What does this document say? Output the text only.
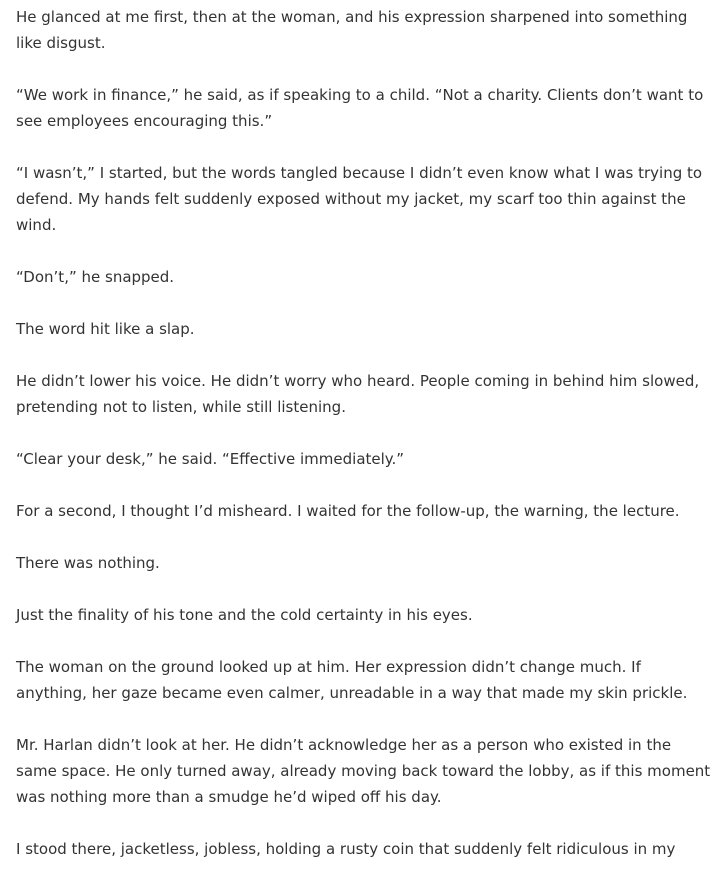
He glanced at me first, then at the woman, and his expression sharpened into something like disgust.

“We work in finance,” he said, as if speaking to a child. “Not a charity. Clients don’t want to see employees encouraging this.”

“I wasn’t,” I started, but the words tangled because I didn’t even know what I was trying to defend. My hands felt suddenly exposed without my jacket, my scarf too thin against the wind.

“Don’t,” he snapped.

The word hit like a slap.

He didn’t lower his voice. He didn’t worry who heard. People coming in behind him slowed, pretending not to listen, while still listening.

“Clear your desk,” he said. “Effective immediately.”

For a second, I thought I’d misheard. I waited for the follow-up, the warning, the lecture.

There was nothing.

Just the finality of his tone and the cold certainty in his eyes.

The woman on the ground looked up at him. Her expression didn’t change much. If anything, her gaze became even calmer, unreadable in a way that made my skin prickle.

Mr. Harlan didn’t look at her. He didn’t acknowledge her as a person who existed in the same space. He only turned away, already moving back toward the lobby, as if this moment was nothing more than a smudge he’d wiped off his day.

I stood there, jacketless, jobless, holding a rusty coin that suddenly felt ridiculous in my
